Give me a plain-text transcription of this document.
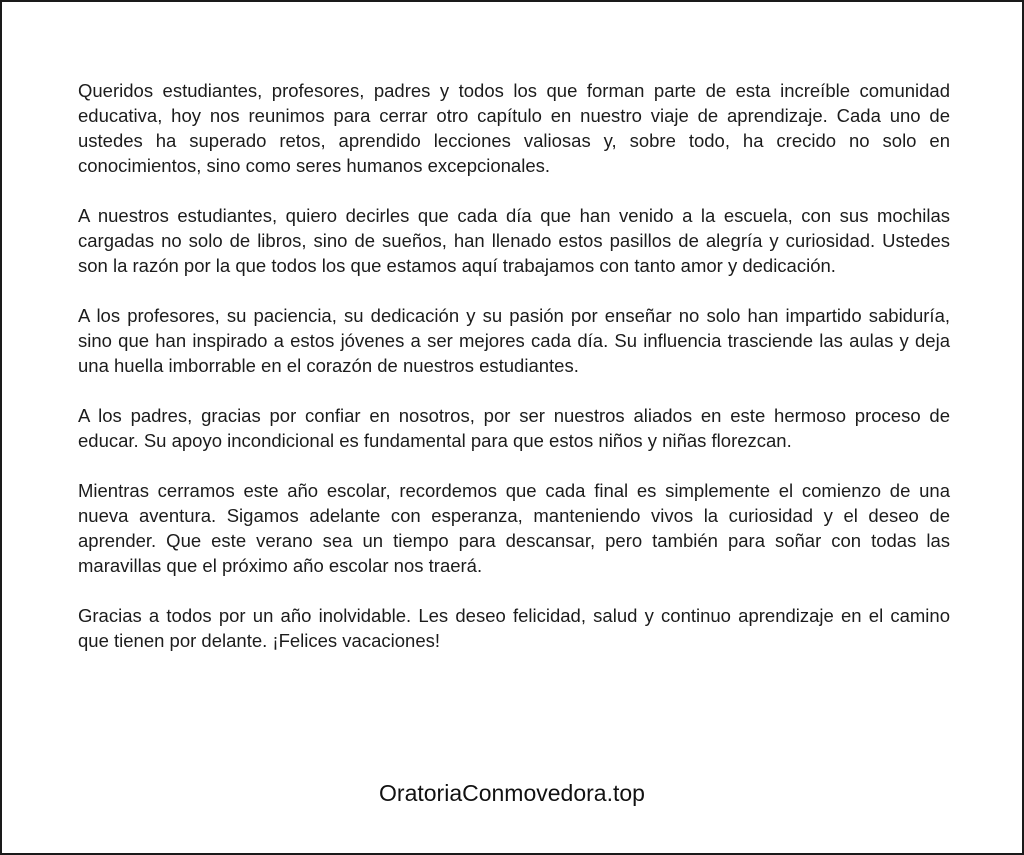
Queridos estudiantes, profesores, padres y todos los que forman parte de esta increíble comunidad educativa, hoy nos reunimos para cerrar otro capítulo en nuestro viaje de aprendizaje. Cada uno de ustedes ha superado retos, aprendido lecciones valiosas y, sobre todo, ha crecido no solo en conocimientos, sino como seres humanos excepcionales.

A nuestros estudiantes, quiero decirles que cada día que han venido a la escuela, con sus mochilas cargadas no solo de libros, sino de sueños, han llenado estos pasillos de alegría y curiosidad. Ustedes son la razón por la que todos los que estamos aquí trabajamos con tanto amor y dedicación.

A los profesores, su paciencia, su dedicación y su pasión por enseñar no solo han impartido sabiduría, sino que han inspirado a estos jóvenes a ser mejores cada día. Su influencia trasciende las aulas y deja una huella imborrable en el corazón de nuestros estudiantes.

A los padres, gracias por confiar en nosotros, por ser nuestros aliados en este hermoso proceso de educar. Su apoyo incondicional es fundamental para que estos niños y niñas florezcan.

Mientras cerramos este año escolar, recordemos que cada final es simplemente el comienzo de una nueva aventura. Sigamos adelante con esperanza, manteniendo vivos la curiosidad y el deseo de aprender. Que este verano sea un tiempo para descansar, pero también para soñar con todas las maravillas que el próximo año escolar nos traerá.

Gracias a todos por un año inolvidable. Les deseo felicidad, salud y continuo aprendizaje en el camino que tienen por delante. ¡Felices vacaciones!

OratoriaConmovedora.top
